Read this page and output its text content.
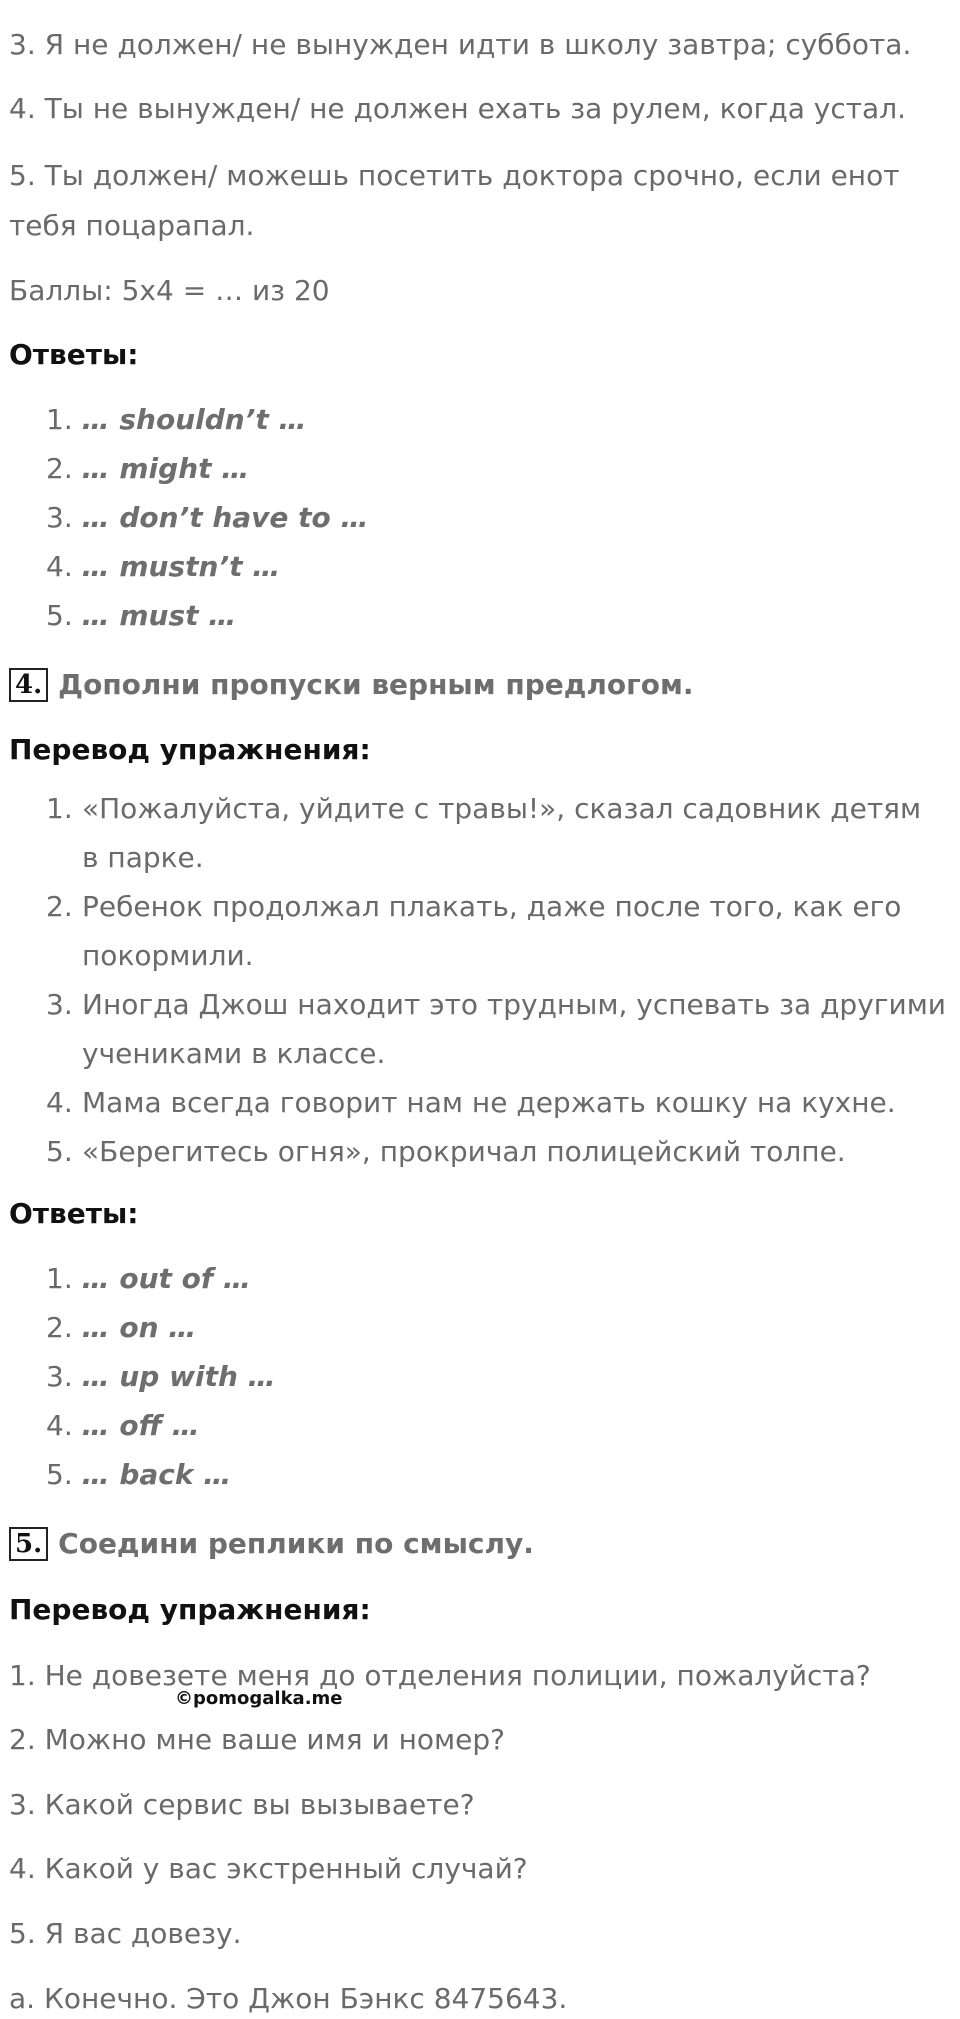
3. Я не должен/ не вынужден идти в школу завтра; суббота.
4. Ты не вынужден/ не должен ехать за рулем, когда устал.
5. Ты должен/ можешь посетить доктора срочно, если енот тебя поцарапал.
Баллы: 5х4 = … из 20
Ответы:
1. … shouldn’t …
2. … might …
3. … don’t have to …
4. … mustn’t …
5. … must …
4. Дополни пропуски верным предлогом.
Перевод упражнения:
1. «Пожалуйста, уйдите с травы!», сказал садовник детям в парке.
2. Ребенок продолжал плакать, даже после того, как его покормили.
3. Иногда Джош находит это трудным, успевать за другими учениками в классе.
4. Мама всегда говорит нам не держать кошку на кухне.
5. «Берегитесь огня», прокричал полицейский толпе.
Ответы:
1. … out of …
2. … on …
3. … up with …
4. … off …
5. … back …
5. Соедини реплики по смыслу.
Перевод упражнения:
1. Не довезете меня до отделения полиции, пожалуйста?
©pomogalka.me
2. Можно мне ваше имя и номер?
3. Какой сервис вы вызываете?
4. Какой у вас экстренный случай?
5. Я вас довезу.
a. Конечно. Это Джон Бэнкс 8475643.
